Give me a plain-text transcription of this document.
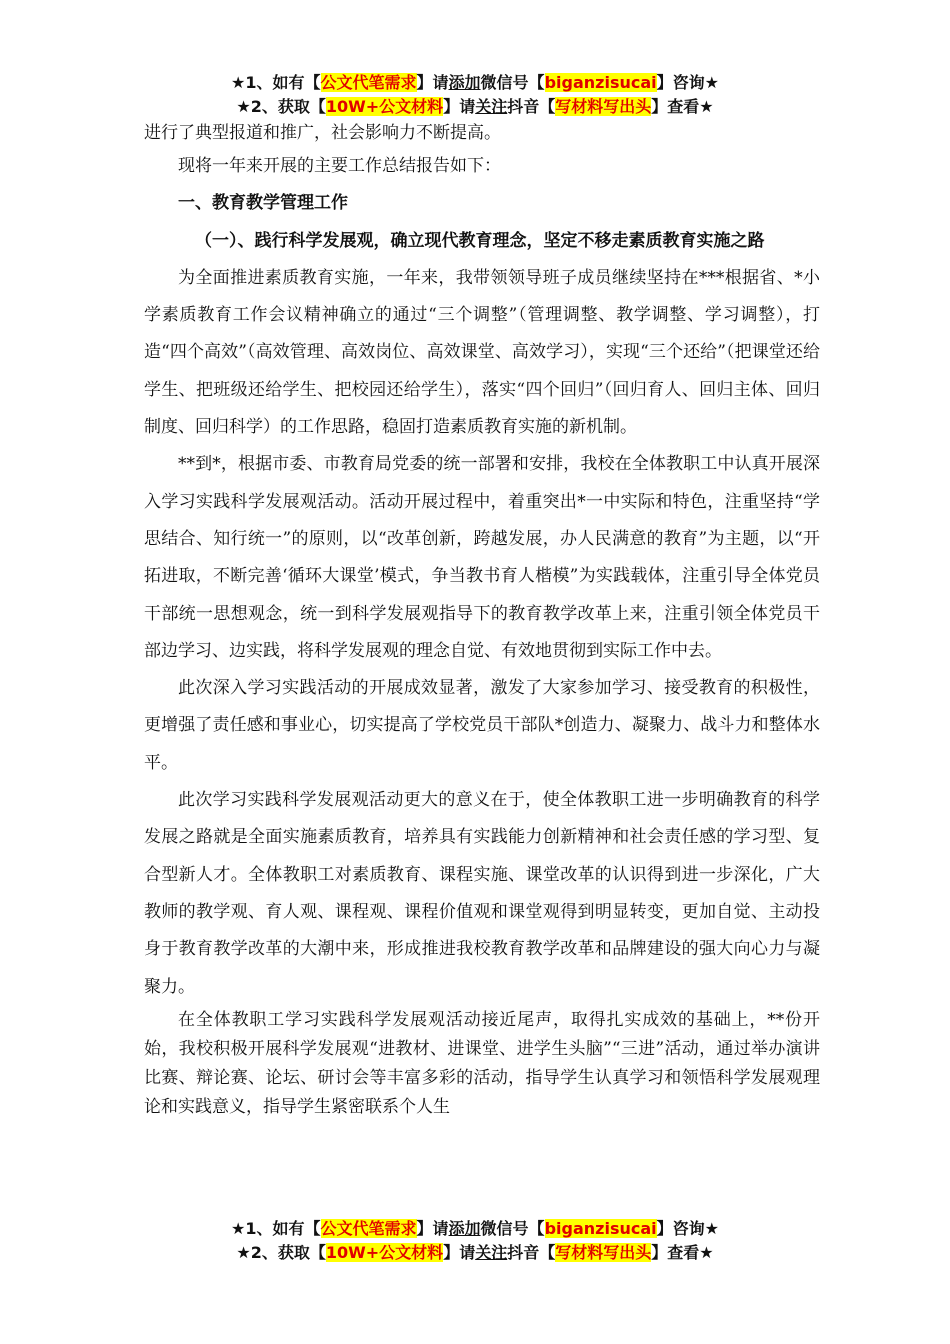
★1、如有【公文代笔需求】请添加微信号【biganzisucai】咨询★
★2、获取【10W+公文材料】请关注抖音【写材料写出头】查看★

进行了典型报道和推广，社会影响力不断提高。

现将一年来开展的主要工作总结报告如下：

一、教育教学管理工作

（一）、践行科学发展观，确立现代教育理念，坚定不移走素质教育实施之路

为全面推进素质教育实施，一年来，我带领领导班子成员继续坚持在***根据省、*小学素质教育工作会议精神确立的通过“三个调整”（管理调整、教学调整、学习调整），打造“四个高效”（高效管理、高效岗位、高效课堂、高效学习），实现“三个还给”（把课堂还给学生、把班级还给学生、把校园还给学生），落实“四个回归”（回归育人、回归主体、回归制度、回归科学）的工作思路，稳固打造素质教育实施的新机制。

**到*，根据市委、市教育局党委的统一部署和安排，我校在全体教职工中认真开展深入学习实践科学发展观活动。活动开展过程中，着重突出*一中实际和特色，注重坚持“学思结合、知行统一”的原则，以“改革创新，跨越发展，办人民满意的教育”为主题，以“开拓进取，不断完善‘循环大课堂’模式，争当教书育人楷模”为实践载体，注重引导全体党员干部统一思想观念，统一到科学发展观指导下的教育教学改革上来，注重引领全体党员干部边学习、边实践，将科学发展观的理念自觉、有效地贯彻到实际工作中去。

此次深入学习实践活动的开展成效显著，激发了大家参加学习、接受教育的积极性，更增强了责任感和事业心，切实提高了学校党员干部队*创造力、凝聚力、战斗力和整体水平。

此次学习实践科学发展观活动更大的意义在于，使全体教职工进一步明确教育的科学发展之路就是全面实施素质教育，培养具有实践能力创新精神和社会责任感的学习型、复合型新人才。全体教职工对素质教育、课程实施、课堂改革的认识得到进一步深化，广大教师的教学观、育人观、课程观、课程价值观和课堂观得到明显转变，更加自觉、主动投身于教育教学改革的大潮中来，形成推进我校教育教学改革和品牌建设的强大向心力与凝聚力。

在全体教职工学习实践科学发展观活动接近尾声，取得扎实成效的基础上，**份开始，我校积极开展科学发展观“进教材、进课堂、进学生头脑”“三进”活动，通过举办演讲比赛、辩论赛、论坛、研讨会等丰富多彩的活动，指导学生认真学习和领悟科学发展观理论和实践意义，指导学生紧密联系个人生

★1、如有【公文代笔需求】请添加微信号【biganzisucai】咨询★
★2、获取【10W+公文材料】请关注抖音【写材料写出头】查看★
